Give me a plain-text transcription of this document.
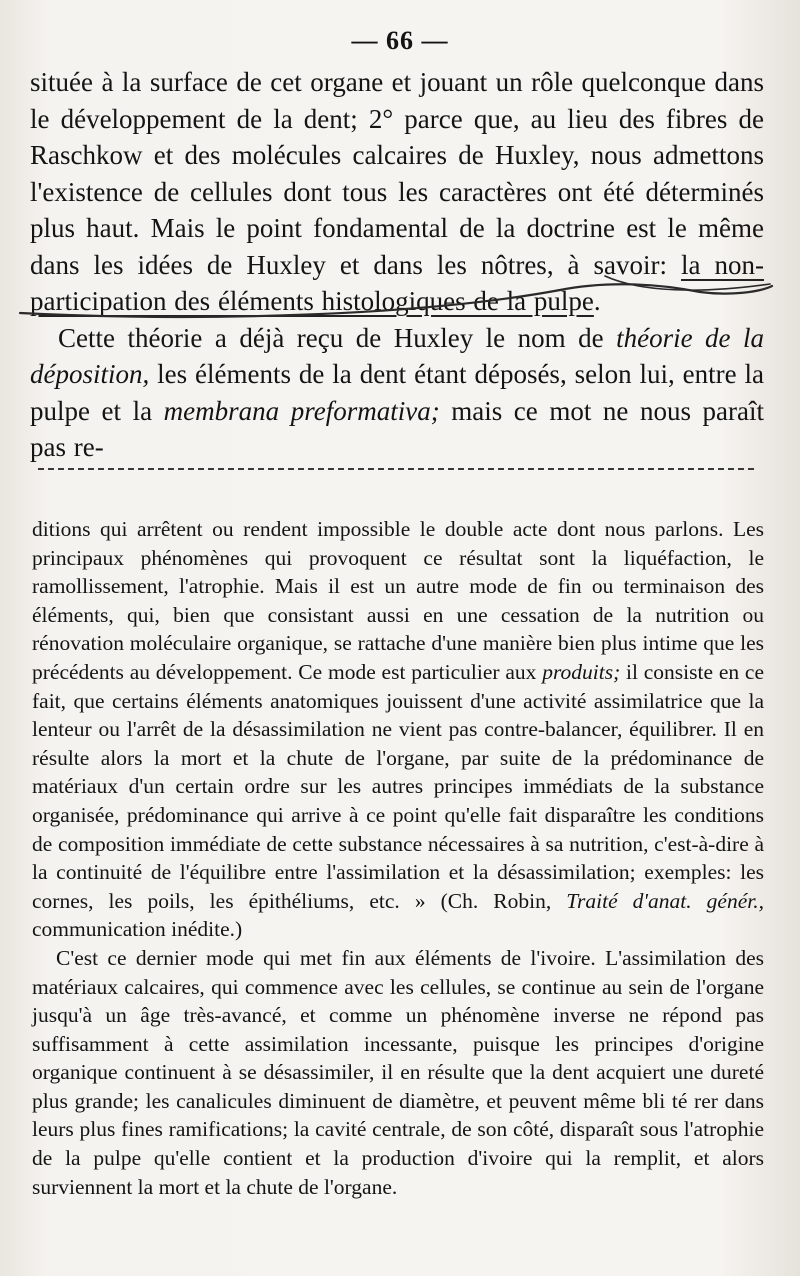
— 66 —

située à la surface de cet organe et jouant un rôle quelconque dans le développement de la dent; 2° parce que, au lieu des fibres de Raschkow et des molécules calcaires de Huxley, nous admettons l'existence de cellules dont tous les caractères ont été déterminés plus haut. Mais le point fondamental de la doctrine est le même dans les idées de Huxley et dans les nôtres, à savoir: la non-participation des éléments histologiques de la pulpe.

Cette théorie a déjà reçu de Huxley le nom de théorie de la déposition, les éléments de la dent étant déposés, selon lui, entre la pulpe et la membrana preformativa; mais ce mot ne nous paraît pas re-

ditions qui arrêtent ou rendent impossible le double acte dont nous parlons. Les principaux phénomènes qui provoquent ce résultat sont la liquéfaction, le ramollissement, l'atrophie. Mais il est un autre mode de fin ou terminaison des éléments, qui, bien que consistant aussi en une cessation de la nutrition ou rénovation moléculaire organique, se rattache d'une manière bien plus intime que les précédents au développement. Ce mode est particulier aux produits; il consiste en ce fait, que certains éléments anatomiques jouissent d'une activité assimilatrice que la lenteur ou l'arrêt de la désassimilation ne vient pas contre-balancer, équilibrer. Il en résulte alors la mort et la chute de l'organe, par suite de la prédominance de matériaux d'un certain ordre sur les autres principes immédiats de la substance organisée, prédominance qui arrive à ce point qu'elle fait disparaître les conditions de composition immédiate de cette substance nécessaires à sa nutrition, c'est-à-dire à la continuité de l'équilibre entre l'assimilation et la désassimilation; exemples: les cornes, les poils, les épithéliums, etc. » (Ch. Robin, Traité d'anat. génér., communication inédite.)

C'est ce dernier mode qui met fin aux éléments de l'ivoire. L'assimilation des matériaux calcaires, qui commence avec les cellules, se continue au sein de l'organe jusqu'à un âge très-avancé, et comme un phénomène inverse ne répond pas suffisamment à cette assimilation incessante, puisque les principes d'origine organique continuent à se désassimiler, il en résulte que la dent acquiert une dureté plus grande; les canalicules diminuent de diamètre, et peuvent même bli té rer dans leurs plus fines ramifications; la cavité centrale, de son côté, disparaît sous l'atrophie de la pulpe qu'elle contient et la production d'ivoire qui la remplit, et alors surviennent la mort et la chute de l'organe.
